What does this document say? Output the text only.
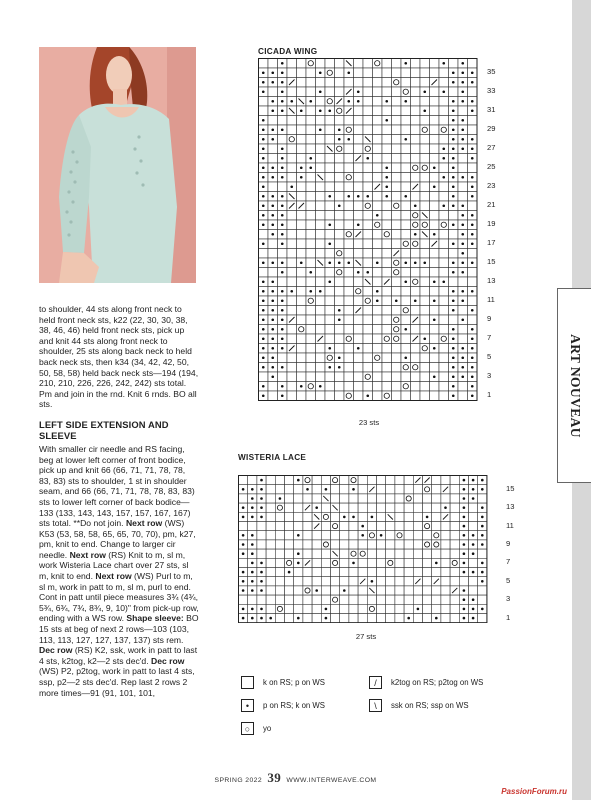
to shoulder, 44 sts along front neck to held front neck sts, k22 (22, 30, 30, 38, 38, 46, 46) held front neck sts, pick up and knit 44 sts along front neck to shoulder, 25 sts along back neck to held back neck sts, then k34 (34, 42, 42, 50, 50, 58, 58) held back neck sts—194 (194, 210, 210, 226, 226, 242, 242) sts total. Pm and join in the rnd. Knit 6 rnds. BO all sts.

LEFT SIDE EXTENSION AND SLEEVE

With smaller cir needle and RS facing, beg at lower left corner of front bodice, pick up and knit 66 (66, 71, 71, 78, 78, 83, 83) sts to shoulder, 1 st in shoulder seam, and 66 (66, 71, 71, 78, 78, 83, 83) sts to lower left corner of back bodice—133 (133, 143, 143, 157, 157, 167, 167) sts total. **Do not join. Next row (WS) K53 (53, 58, 58, 65, 65, 70, 70), pm, k27, pm, knit to end. Change to larger cir needle. Next row (RS) Knit to m, sl m, work Wisteria Lace chart over 27 sts, sl m, knit to end. Next row (WS) Purl to m, sl m, work in patt to m, sl m, purl to end. Cont in patt until piece measures 3¾ (4¾, 5¾, 6¾, 7¾, 8¾, 9, 10)" from pick-up row, ending with a WS row. Shape sleeve: BO 15 sts at beg of next 2 rows—103 (103, 113, 113, 127, 127, 137, 137) sts rem. Dec row (RS) K2, ssk, work in patt to last 4 sts, k2tog, k2—2 sts dec'd. Dec row (WS) P2, p2tog, work in patt to last 4 sts, ssp, p2—2 sts dec'd. Rep last 2 rows 2 more times—91 (91, 101, 101,

CICADA WING
35
33
31
29
27
25
23
21
19
17
15
13
11
9
7
5
3
1
23 sts
WISTERIA LACE
15
13
11
9
7
5
3
1
27 sts
k on RS; p on WS
•	p on RS; k on WS
○	yo
/	k2tog on RS; p2tog on WS
\	ssk on RS; ssp on WS
SPRING 2022 39 WWW.INTERWEAVE.COM
ART NOUVEAU
PassionForum.ru
